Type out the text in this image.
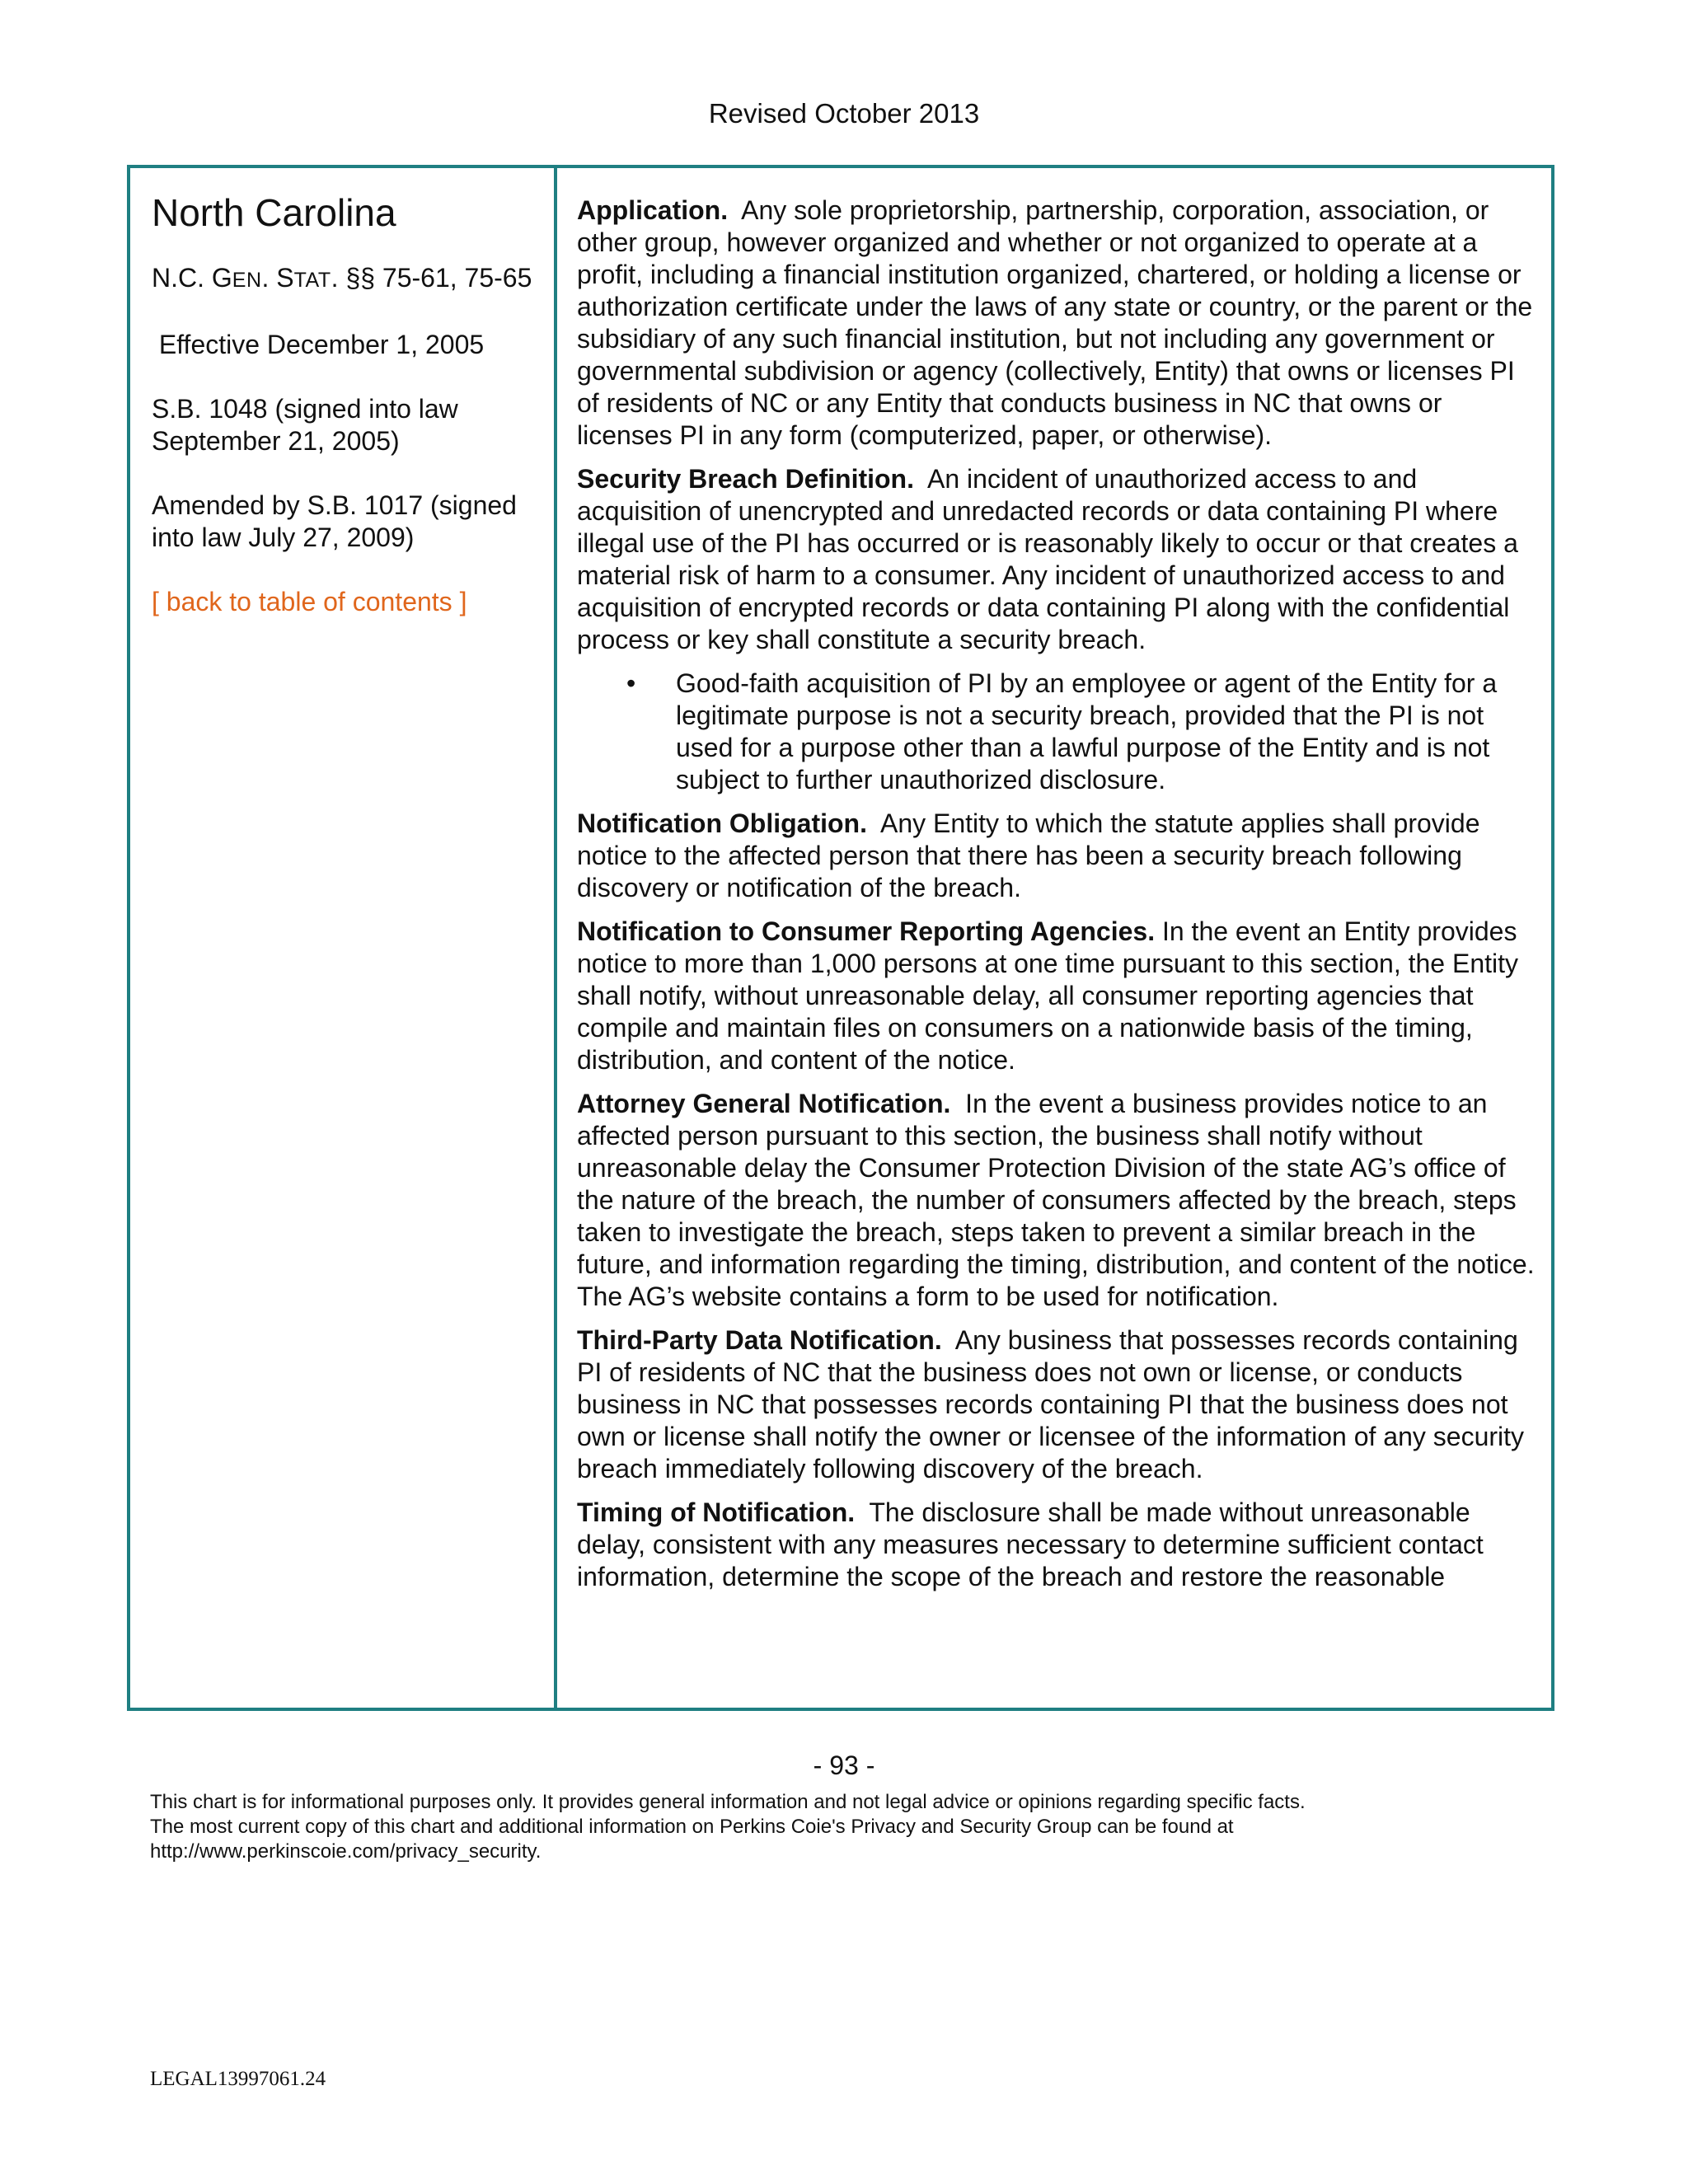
Revised October 2013
North Carolina

N.C. GEN. STAT. §§ 75-61, 75-65

Effective December 1, 2005

S.B. 1048 (signed into law September 21, 2005)

Amended by S.B. 1017 (signed into law July 27, 2009)

[ back to table of contents ]

Application. Any sole proprietorship, partnership, corporation, association, or other group, however organized and whether or not organized to operate at a profit, including a financial institution organized, chartered, or holding a license or authorization certificate under the laws of any state or country, or the parent or the subsidiary of any such financial institution, but not including any government or governmental subdivision or agency (collectively, Entity) that owns or licenses PI of residents of NC or any Entity that conducts business in NC that owns or licenses PI in any form (computerized, paper, or otherwise).

Security Breach Definition. An incident of unauthorized access to and acquisition of unencrypted and unredacted records or data containing PI where illegal use of the PI has occurred or is reasonably likely to occur or that creates a material risk of harm to a consumer. Any incident of unauthorized access to and acquisition of encrypted records or data containing PI along with the confidential process or key shall constitute a security breach.

• Good-faith acquisition of PI by an employee or agent of the Entity for a legitimate purpose is not a security breach, provided that the PI is not used for a purpose other than a lawful purpose of the Entity and is not subject to further unauthorized disclosure.

Notification Obligation. Any Entity to which the statute applies shall provide notice to the affected person that there has been a security breach following discovery or notification of the breach.

Notification to Consumer Reporting Agencies. In the event an Entity provides notice to more than 1,000 persons at one time pursuant to this section, the Entity shall notify, without unreasonable delay, all consumer reporting agencies that compile and maintain files on consumers on a nationwide basis of the timing, distribution, and content of the notice.

Attorney General Notification. In the event a business provides notice to an affected person pursuant to this section, the business shall notify without unreasonable delay the Consumer Protection Division of the state AG’s office of the nature of the breach, the number of consumers affected by the breach, steps taken to investigate the breach, steps taken to prevent a similar breach in the future, and information regarding the timing, distribution, and content of the notice. The AG’s website contains a form to be used for notification.

Third-Party Data Notification. Any business that possesses records containing PI of residents of NC that the business does not own or license, or conducts business in NC that possesses records containing PI that the business does not own or license shall notify the owner or licensee of the information of any security breach immediately following discovery of the breach.

Timing of Notification. The disclosure shall be made without unreasonable delay, consistent with any measures necessary to determine sufficient contact information, determine the scope of the breach and restore the reasonable

- 93 -
This chart is for informational purposes only. It provides general information and not legal advice or opinions regarding specific facts.
The most current copy of this chart and additional information on Perkins Coie's Privacy and Security Group can be found at
http://www.perkinscoie.com/privacy_security.
LEGAL13997061.24
